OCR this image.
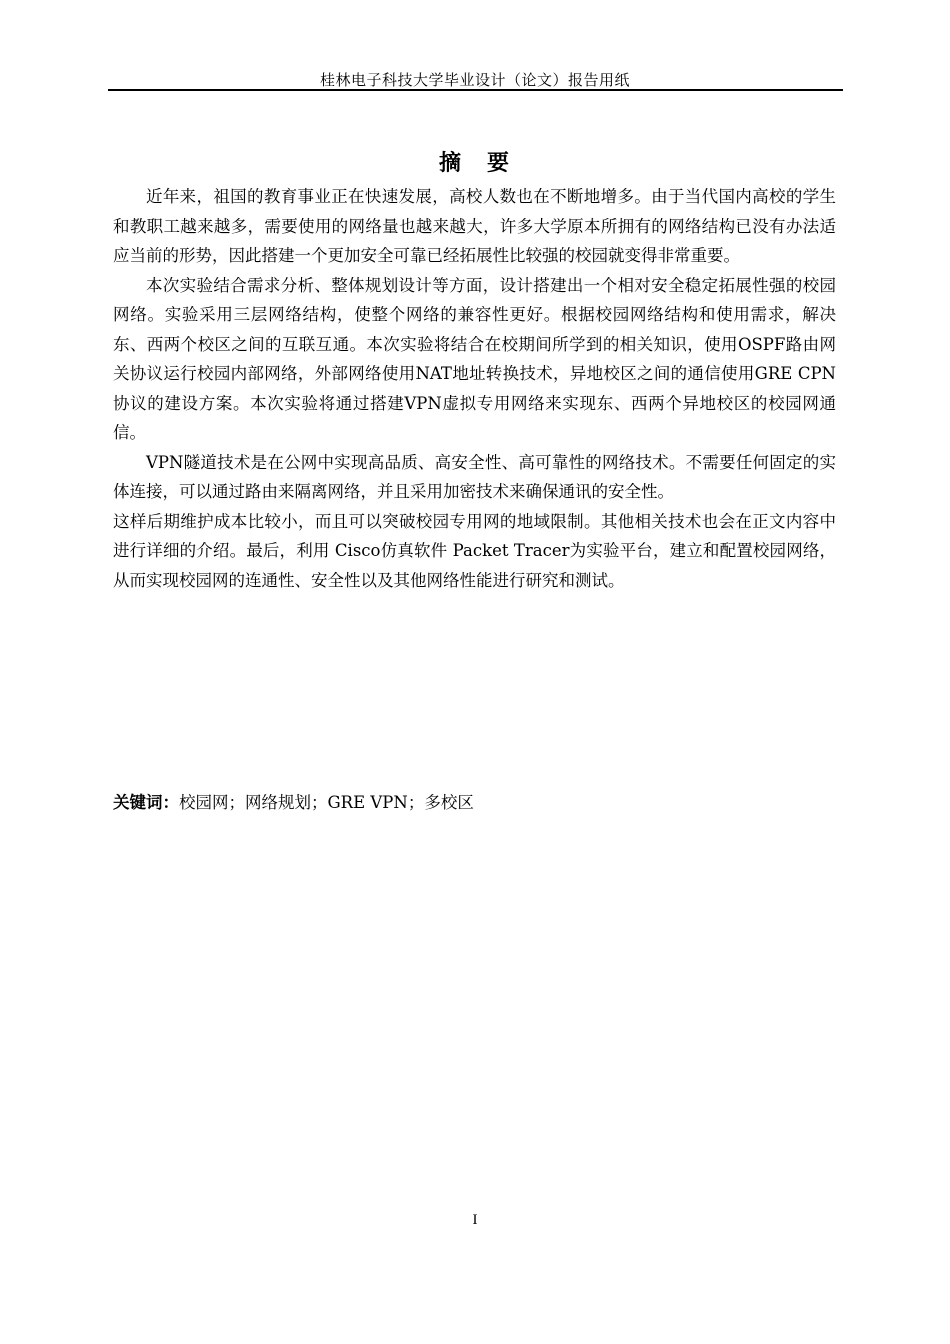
桂林电子科技大学毕业设计（论文）报告用纸
摘　要

近年来，祖国的教育事业正在快速发展，高校人数也在不断地增多。由于当代国内高校的学生和教职工越来越多，需要使用的网络量也越来越大，许多大学原本所拥有的网络结构已没有办法适应当前的形势，因此搭建一个更加安全可靠已经拓展性比较强的校园就变得非常重要。

本次实验结合需求分析、整体规划设计等方面，设计搭建出一个相对安全稳定拓展性强的校园网络。实验采用三层网络结构，使整个网络的兼容性更好。根据校园网络结构和使用需求，解决东、西两个校区之间的互联互通。本次实验将结合在校期间所学到的相关知识，使用OSPF路由网关协议运行校园内部网络，外部网络使用NAT地址转换技术，异地校区之间的通信使用GRE CPN协议的建设方案。本次实验将通过搭建VPN虚拟专用网络来实现东、西两个异地校区的校园网通信。

VPN隧道技术是在公网中实现高品质、高安全性、高可靠性的网络技术。不需要任何固定的实体连接，可以通过路由来隔离网络，并且采用加密技术来确保通讯的安全性。

这样后期维护成本比较小，而且可以突破校园专用网的地域限制。其他相关技术也会在正文内容中进行详细的介绍。最后，利用 Cisco仿真软件 Packet Tracer为实验平台，建立和配置校园网络，从而实现校园网的连通性、安全性以及其他网络性能进行研究和测试。

关键词：校园网；网络规划；GRE VPN；多校区
I
